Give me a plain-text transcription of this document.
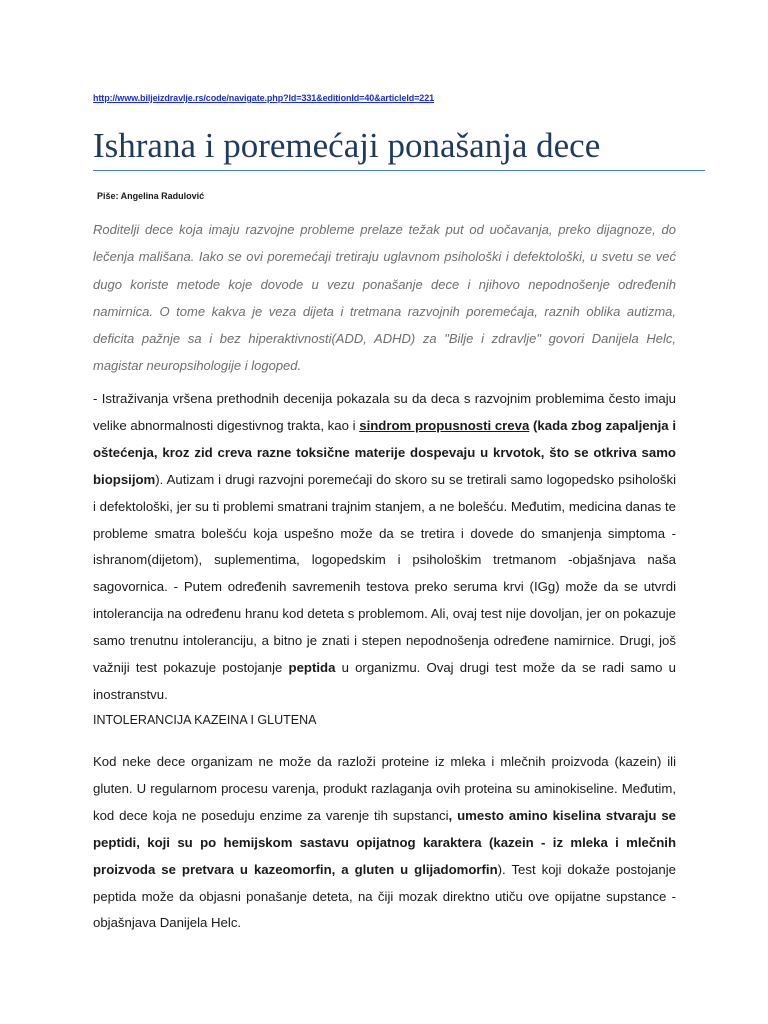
http://www.biljeizdravlje.rs/code/navigate.php?Id=331&editionId=40&articleId=221
Ishrana i poremećaji ponašanja dece
Piše: Angelina Radulović
Roditelji dece koja imaju razvojne probleme prelaze težak put od uočavanja, preko dijagnoze, do lečenja mališana. Iako se ovi poremećaji tretiraju uglavnom psihološki i defektološki, u svetu se već dugo koriste metode koje dovode u vezu ponašanje dece i njihovo nepodnošenje određenih namirnica. O tome kakva je veza dijeta i tretmana razvojnih poremećaja, raznih oblika autizma, deficita pažnje sa i bez hiperaktivnosti(ADD, ADHD) za "Bilje i zdravlje" govori Danijela Helc, magistar neuropsihologije i logoped.
- Istraživanja vršena prethodnih decenija pokazala su da deca s razvojnim problemima često imaju velike abnormalnosti digestivnog trakta, kao i sindrom propusnosti creva (kada zbog zapaljenja i oštećenja, kroz zid creva razne toksične materije dospevaju u krvotok, što se otkriva samo biopsijom). Autizam i drugi razvojni poremećaji do skoro su se tretirali samo logopedsko psihološki i defektološki, jer su ti problemi smatrani trajnim stanjem, a ne bolešću. Međutim, medicina danas te probleme smatra bolešću koja uspešno može da se tretira i dovede do smanjenja simptoma - ishranom(dijetom), suplementima, logopedskim i psihološkim tretmanom -objašnjava naša sagovornica. - Putem određenih savremenih testova preko seruma krvi (IGg) može da se utvrdi intolerancija na određenu hranu kod deteta s problemom. Ali, ovaj test nije dovoljan, jer on pokazuje samo trenutnu intoleranciju, a bitno je znati i stepen nepodnošenja određene namirnice. Drugi, još važniji test pokazuje postojanje peptida u organizmu. Ovaj drugi test može da se radi samo u inostranstvu.
INTOLERANCIJA KAZEINA I GLUTENA
Kod neke dece organizam ne može da razloži proteine iz mleka i mlečnih proizvoda (kazein) ili gluten. U regularnom procesu varenja, produkt razlaganja ovih proteina su aminokiseline. Međutim, kod dece koja ne poseduju enzime za varenje tih supstanci, umesto amino kiselina stvaraju se peptidi, koji su po hemijskom sastavu opijatnog karaktera (kazein - iz mleka i mlečnih proizvoda se pretvara u kazeomorfin, a gluten u glijadomorfin). Test koji dokaže postojanje peptida može da objasni ponašanje deteta, na čiji mozak direktno utiču ove opijatne supstance - objašnjava Danijela Helc.
